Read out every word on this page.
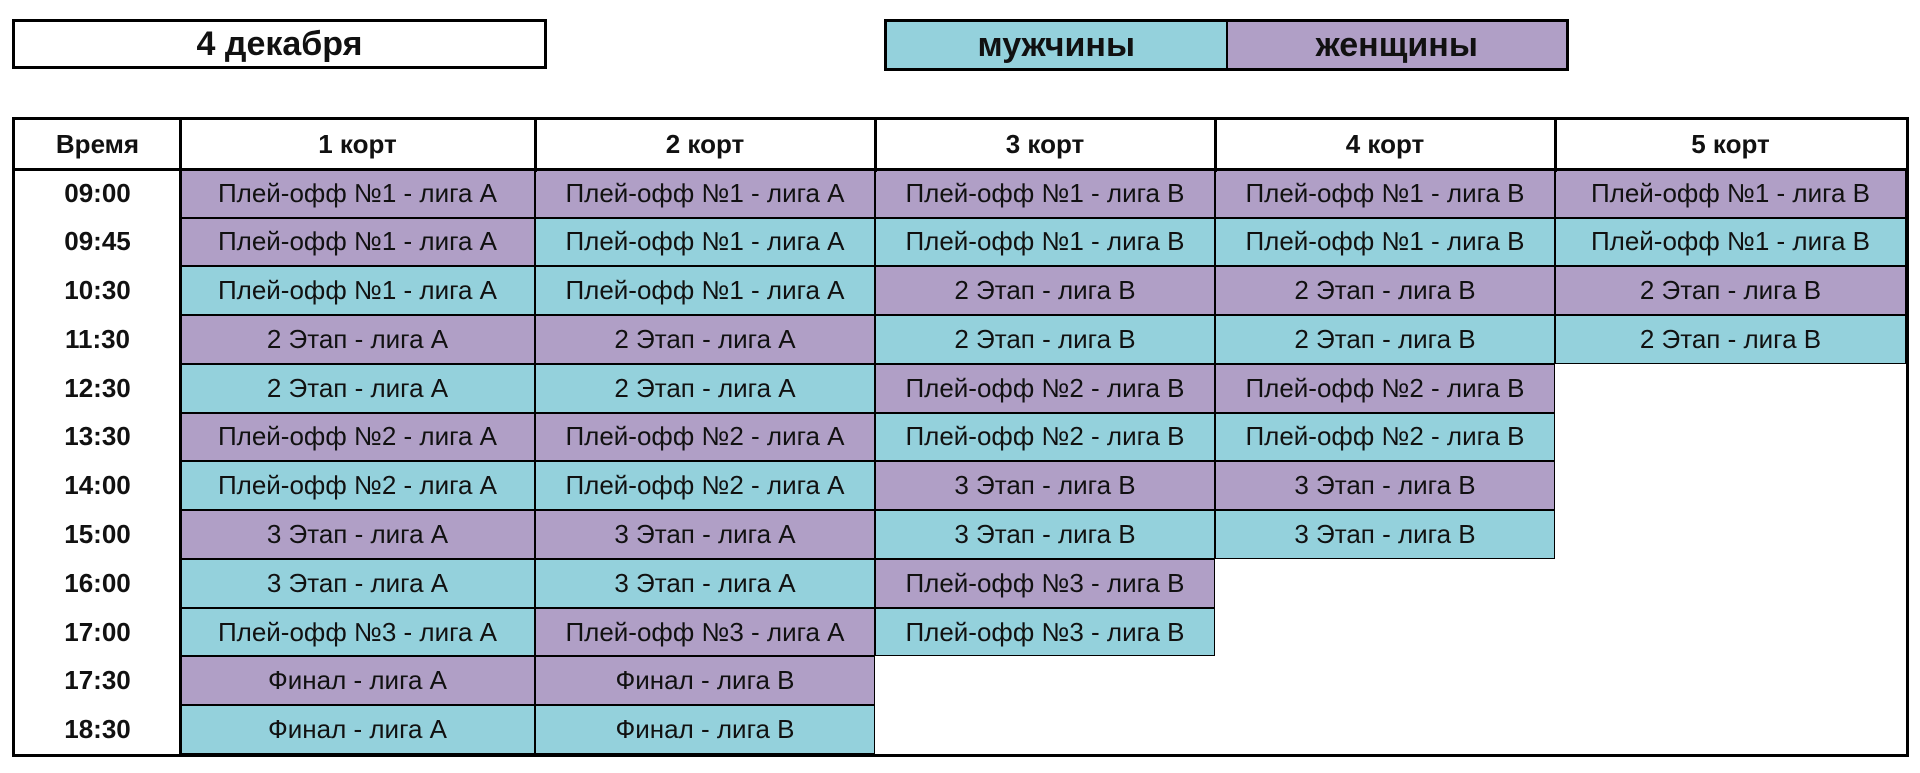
4 декабря	мужчины	женщины
Время	1 корт	2 корт	3 корт	4 корт	5 корт
09:00	Плей-офф №1 - лига A	Плей-офф №1 - лига A	Плей-офф №1 - лига B	Плей-офф №1 - лига B	Плей-офф №1 - лига B
09:45	Плей-офф №1 - лига A	Плей-офф №1 - лига A	Плей-офф №1 - лига B	Плей-офф №1 - лига B	Плей-офф №1 - лига B
10:30	Плей-офф №1 - лига A	Плей-офф №1 - лига A	2 Этап - лига B	2 Этап - лига B	2 Этап - лига B
11:30	2 Этап - лига A	2 Этап - лига A	2 Этап - лига B	2 Этап - лига B	2 Этап - лига B
12:30	2 Этап - лига A	2 Этап - лига A	Плей-офф №2 - лига B	Плей-офф №2 - лига B
13:30	Плей-офф №2 - лига A	Плей-офф №2 - лига A	Плей-офф №2 - лига B	Плей-офф №2 - лига B
14:00	Плей-офф №2 - лига A	Плей-офф №2 - лига A	3 Этап - лига B	3 Этап - лига B
15:00	3 Этап - лига A	3 Этап - лига A	3 Этап - лига B	3 Этап - лига B
16:00	3 Этап - лига A	3 Этап - лига A	Плей-офф №3 - лига B
17:00	Плей-офф №3 - лига A	Плей-офф №3 - лига A	Плей-офф №3 - лига B
17:30	Финал - лига A	Финал - лига B
18:30	Финал - лига A	Финал - лига B
